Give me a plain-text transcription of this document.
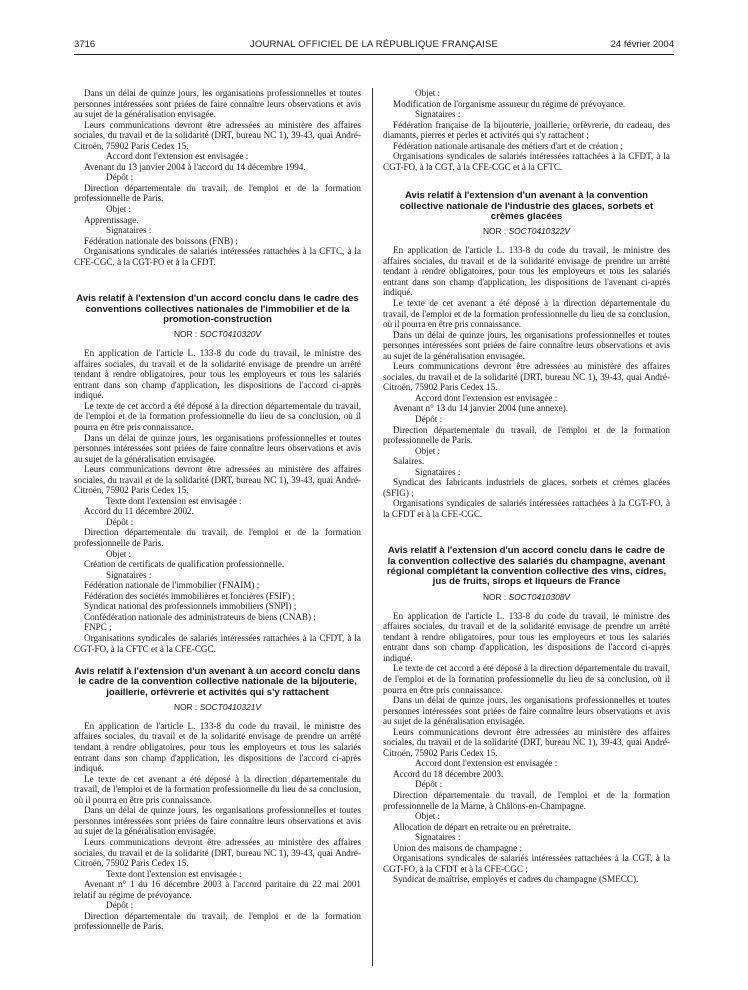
3716	JOURNAL OFFICIEL DE LA RÉPUBLIQUE FRANÇAISE	24 février 2004

Dans un délai de quinze jours, les organisations professionnelles et toutes personnes intéressées sont priées de faire connaître leurs observations et avis au sujet de la généralisation envisagée.

Leurs communications devront être adressées au ministère des affaires sociales, du travail et de la solidarité (DRT, bureau NC 1), 39-43, quai André-Citroën, 75902 Paris Cedex 15.

Accord dont l'extension est envisagée :

Avenant du 13 janvier 2004 à l'accord du 14 décembre 1994.

Dépôt :

Direction départementale du travail, de l'emploi et de la formation professionnelle de Paris.

Objet :

Apprentissage.

Signataires :

Fédération nationale des boissons (FNB) ;

Organisations syndicales de salariés intéressées rattachées à la CFTC, à la CFE-CGC, à la CGT-FO et à la CFDT.

Avis relatif à l'extension d'un accord conclu dans le cadre des conventions collectives nationales de l'immobilier et de la promotion-construction
NOR : SOCT0410320V

En application de l'article L. 133-8 du code du travail, le ministre des affaires sociales, du travail et de la solidarité envisage de prendre un arrêté tendant à rendre obligatoires, pour tous les employeurs et tous les salariés entrant dans son champ d'application, les dispositions de l'accord ci-après indiqué.

Le texte de cet accord a été déposé à la direction départementale du travail, de l'emploi et de la formation professionnelle du lieu de sa conclusion, où il pourra en être pris connaissance.

Dans un délai de quinze jours, les organisations professionnelles et toutes personnes intéressées sont priées de faire connaître leurs observations et avis au sujet de la généralisation envisagée.

Leurs communications devront être adressées au ministère des affaires sociales, du travail et de la solidarité (DRT, bureau NC 1), 39-43, quai André-Citroën, 75902 Paris Cedex 15.

Texte dont l'extension est envisagée :

Accord du 11 décembre 2002.

Dépôt :

Direction départementale du travail, de l'emploi et de la formation professionnelle de Paris.

Objet :

Création de certificats de qualification professionnelle.

Signataires :

Fédération nationale de l'immobilier (FNAIM) ;

Fédération des sociétés immobilières et foncières (FSIF) ;

Syndicat national des professionnels immobiliers (SNPI) ;

Confédération nationale des administrateurs de biens (CNAB) ;

FNPC ;

Organisations syndicales de salariés intéressées rattachées à la CFDT, à la CGT-FO, à la CFTC et à la CFE-CGC.

Avis relatif à l'extension d'un avenant à un accord conclu dans le cadre de la convention collective nationale de la bijouterie, joaillerie, orfèvrerie et activités qui s'y rattachent
NOR : SOCT0410321V

En application de l'article L. 133-8 du code du travail, le ministre des affaires sociales, du travail et de la solidarité envisage de prendre un arrêté tendant à rendre obligatoires, pour tous les employeurs et tous les salariés entrant dans son champ d'application, les dispositions de l'accord ci-après indiqué.

Le texte de cet avenant a été déposé à la direction départementale du travail, de l'emploi et de la formation professionnelle du lieu de sa conclusion, où il pourra en être pris connaissance.

Dans un délai de quinze jours, les organisations professionnelles et toutes personnes intéressées sont priées de faire connaître leurs observations et avis au sujet de la généralisation envisagée.

Leurs communications devront être adressées au ministère des affaires sociales, du travail et de la solidarité (DRT, bureau NC 1), 39-43, quai André-Citroën, 75902 Paris Cedex 15.

Texte dont l'extension est envisagée :

Avenant n° 1 du 16 décembre 2003 à l'accord paritaire du 22 mai 2001 relatif au régime de prévoyance.

Dépôt :

Direction départementale du travail, de l'emploi et de la formation professionnelle de Paris.

Objet :

Modification de l'organisme assureur du régime de prévoyance.

Signataires :

Fédération française de la bijouterie, joaillerie, orfèvrerie, du cadeau, des diamants, pierres et perles et activités qui s'y rattachent ;

Fédération nationale artisanale des métiers d'art et de création ;

Organisations syndicales de salariés intéressées rattachées à la CFDT, à la CGT-FO, à la CGT, à la CFE-CGC et à la CFTC.

Avis relatif à l'extension d'un avenant à la convention collective nationale de l'industrie des glaces, sorbets et crèmes glacées
NOR : SOCT0410322V

En application de l'article L. 133-8 du code du travail, le ministre des affaires sociales, du travail et de la solidarité envisage de prendre un arrêté tendant à rendre obligatoires, pour tous les employeurs et tous les salariés entrant dans son champ d'application, les dispositions de l'avenant ci-après indiqué.

Le texte de cet avenant a été déposé à la direction départementale du travail, de l'emploi et de la formation professionnelle du lieu de sa conclusion, où il pourra en être pris connaissance.

Dans un délai de quinze jours, les organisations professionnelles et toutes personnes intéressées sont priées de faire connaître leurs observations et avis au sujet de la généralisation envisagée.

Leurs communications devront être adressées au ministère des affaires sociales, du travail et de la solidarité (DRT, bureau NC 1), 39-43, quai André-Citroën, 75902 Paris Cedex 15.

Accord dont l'extension est envisagée :

Avenant n° 13 du 14 janvier 2004 (une annexe).

Dépôt :

Direction départementale du travail, de l'emploi et de la formation professionnelle de Paris.

Objet :

Salaires.

Signataires :

Syndicat des fabricants industriels de glaces, sorbets et crèmes glacées (SFIG) ;

Organisations syndicales de salariés intéressées rattachées à la CGT-FO, à la CFDT et à la CFE-CGC.

Avis relatif à l'extension d'un accord conclu dans le cadre de la convention collective des salariés du champagne, avenant régional complétant la convention collective des vins, cidres, jus de fruits, sirops et liqueurs de France
NOR : SOCT0410308V

En application de l'article L. 133-8 du code du travail, le ministre des affaires sociales, du travail et de la solidarité envisage de prendre un arrêté tendant à rendre obligatoires, pour tous les employeurs et tous les salariés entrant dans son champ d'application, les dispositions de l'accord ci-après indiqué.

Le texte de cet accord a été déposé à la direction départementale du travail, de l'emploi et de la formation professionnelle du lieu de sa conclusion, où il pourra en être pris connaissance.

Dans un délai de quinze jours, les organisations professionnelles et toutes personnes intéressées sont priées de faire connaître leurs observations et avis au sujet de la généralisation envisagée.

Leurs communications devront être adressées au ministère des affaires sociales, du travail et de la solidarité (DRT, bureau NC 1), 39-43, quai André-Citroën, 75902 Paris Cedex 15.

Accord dont l'extension est envisagée :

Accord du 18 décembre 2003.

Dépôt :

Direction départementale du travail, de l'emploi et de la formation professionnelle de la Marne, à Châlons-en-Champagne.

Objet :

Allocation de départ en retraite ou en préretraite.

Signataires :

Union des maisons de champagne ;

Organisations syndicales de salariés intéressées rattachées à la CGT, à la CGT-FO, à la CFDT et à la CFE-CGC ;

Syndicat de maîtrise, employés et cadres du champagne (SMECC).
